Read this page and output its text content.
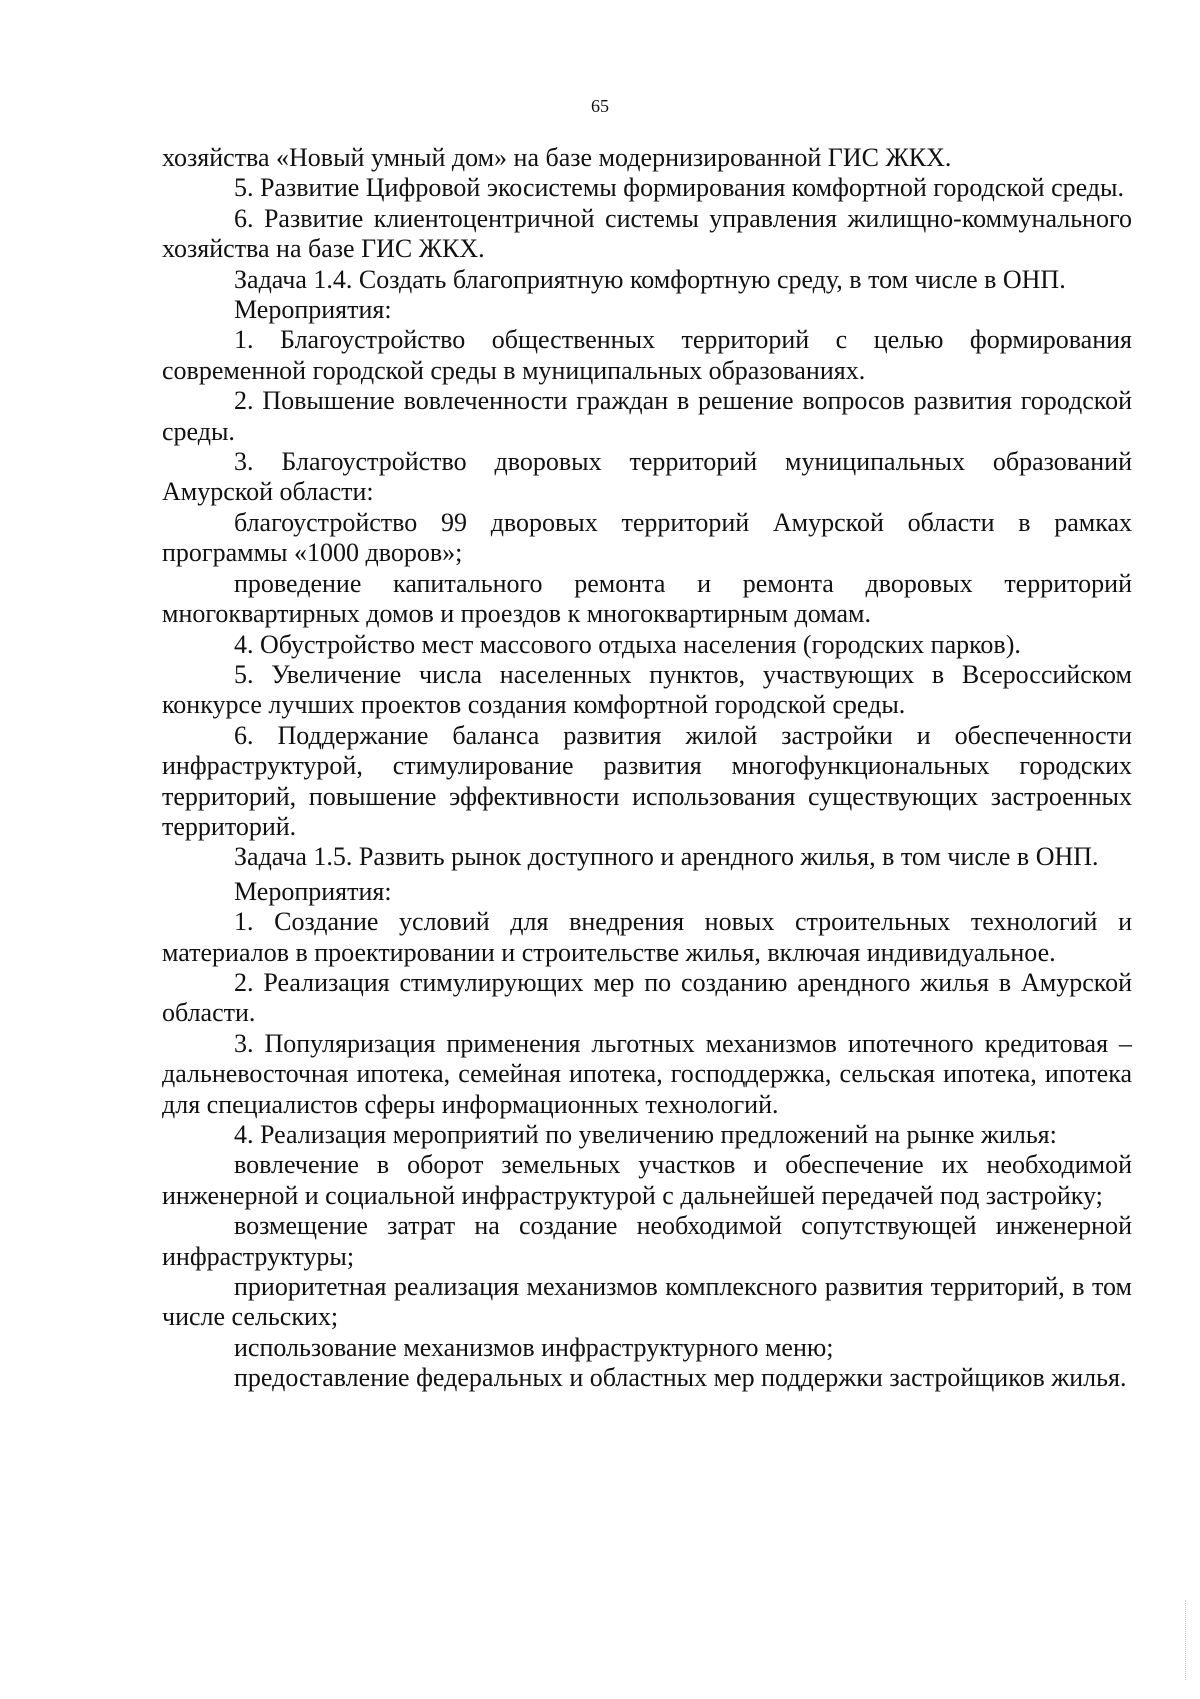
65

хозяйства «Новый умный дом» на базе модернизированной ГИС ЖКХ.

5. Развитие Цифровой экосистемы формирования комфортной городской среды.

6. Развитие клиентоцентричной системы управления жилищно-коммунального хозяйства на базе ГИС ЖКХ.

Задача 1.4. Создать благоприятную комфортную среду, в том числе в ОНП.

Мероприятия:

1. Благоустройство общественных территорий с целью формирования современной городской среды в муниципальных образованиях.

2. Повышение вовлеченности граждан в решение вопросов развития городской среды.

3. Благоустройство дворовых территорий муниципальных образований Амурской области:

благоустройство 99 дворовых территорий Амурской области в рамках программы «1000 дворов»;

проведение капитального ремонта и ремонта дворовых территорий многоквартирных домов и проездов к многоквартирным домам.

4. Обустройство мест массового отдыха населения (городских парков).

5. Увеличение числа населенных пунктов, участвующих в Всероссийском конкурсе лучших проектов создания комфортной городской среды.

6. Поддержание баланса развития жилой застройки и обеспеченности инфраструктурой, стимулирование развития многофункциональных городских территорий, повышение эффективности использования существующих застроенных территорий.

Задача 1.5. Развить рынок доступного и арендного жилья, в том числе в ОНП.

Мероприятия:

1. Создание условий для внедрения новых строительных технологий и материалов в проектировании и строительстве жилья, включая индивидуальное.

2. Реализация стимулирующих мер по созданию арендного жилья в Амурской области.

3. Популяризация применения льготных механизмов ипотечного кредитовая – дальневосточная ипотека, семейная ипотека, господдержка, сельская ипотека, ипотека для специалистов сферы информационных технологий.

4. Реализация мероприятий по увеличению предложений на рынке жилья:

вовлечение в оборот земельных участков и обеспечение их необходимой инженерной и социальной инфраструктурой с дальнейшей передачей под застройку;

возмещение затрат на создание необходимой сопутствующей инженерной инфраструктуры;

приоритетная реализация механизмов комплексного развития территорий, в том числе сельских;

использование механизмов инфраструктурного меню;

предоставление федеральных и областных мер поддержки застройщиков жилья.
